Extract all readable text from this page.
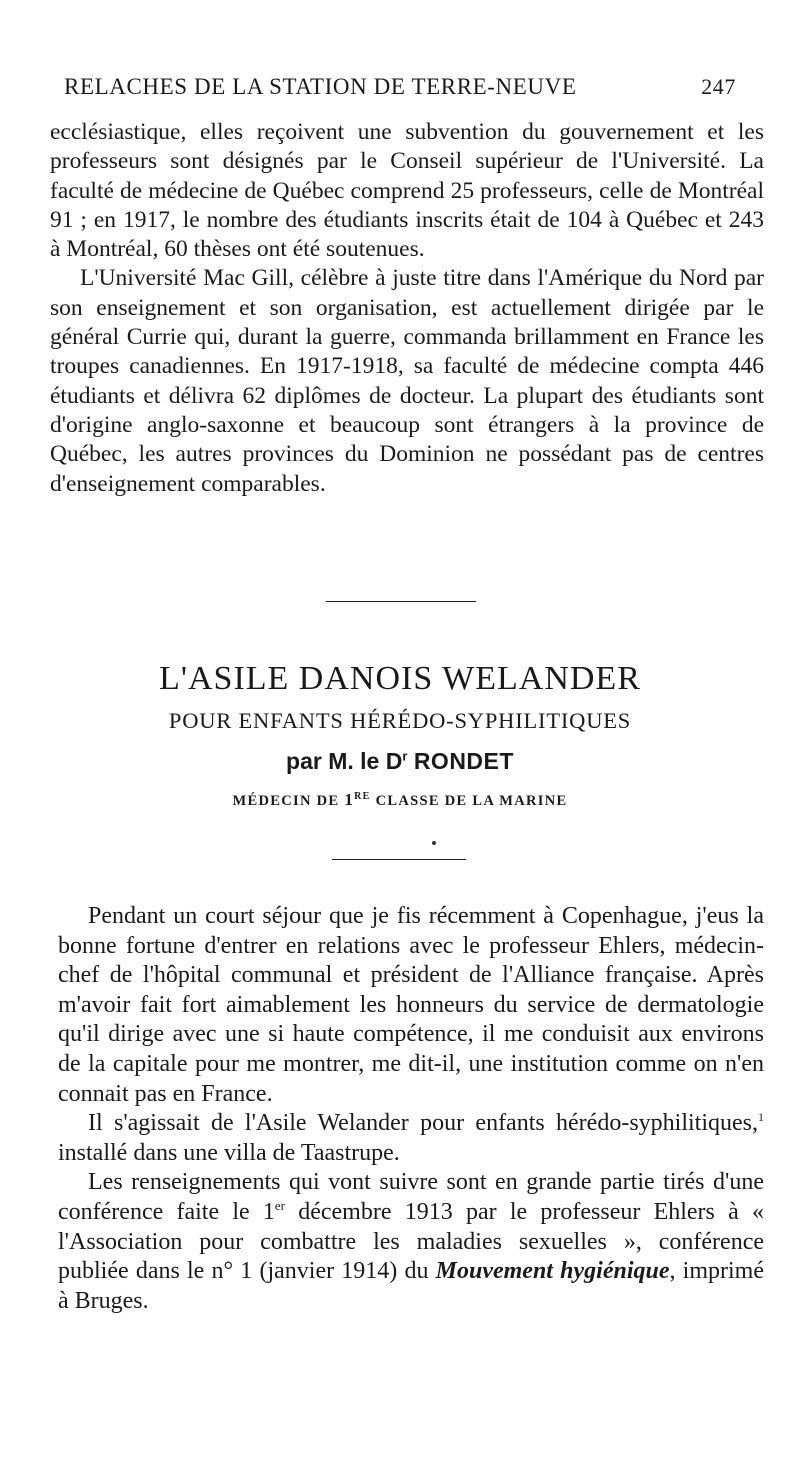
RELACHES DE LA STATION DE TERRE-NEUVE	247

ecclésiastique, elles reçoivent une subvention du gouvernement et les professeurs sont désignés par le Conseil supérieur de l'Université. La faculté de médecine de Québec comprend 25 professeurs, celle de Montréal 91 ; en 1917, le nombre des étudiants inscrits était de 104 à Québec et 243 à Montréal, 60 thèses ont été soutenues.

L'Université Mac Gill, célèbre à juste titre dans l'Amérique du Nord par son enseignement et son organisation, est actuellement dirigée par le général Currie qui, durant la guerre, commanda brillamment en France les troupes canadiennes. En 1917-1918, sa faculté de médecine compta 446 étudiants et délivra 62 diplômes de docteur. La plupart des étudiants sont d'origine anglo-saxonne et beaucoup sont étrangers à la province de Québec, les autres provinces du Dominion ne possédant pas de centres d'enseignement comparables.

L'ASILE DANOIS WELANDER
POUR ENFANTS HÉRÉDO-SYPHILITIQUES
par M. le $D^r$ RONDET
MÉDECIN DE 1RE CLASSE DE LA MARINE

Pendant un court séjour que je fis récemment à Copenhague, j'eus la bonne fortune d'entrer en relations avec le professeur Ehlers, médecin-chef de l'hôpital communal et président de l'Alliance française. Après m'avoir fait fort aimablement les honneurs du service de dermatologie qu'il dirige avec une si haute compétence, il me conduisit aux environs de la capitale pour me montrer, me dit-il, une institution comme on n'en connait pas en France.

Il s'agissait de l'Asile Welander pour enfants hérédo-syphilitiques,$^1$ installé dans une villa de Taastrupe.

Les renseignements qui vont suivre sont en grande partie tirés d'une conférence faite le 1er décembre 1913 par le professeur Ehlers à « l'Association pour combattre les maladies sexuelles », conférence publiée dans le n° 1 (janvier 1914) du Mouvement hygiénique, imprimé à Bruges.
